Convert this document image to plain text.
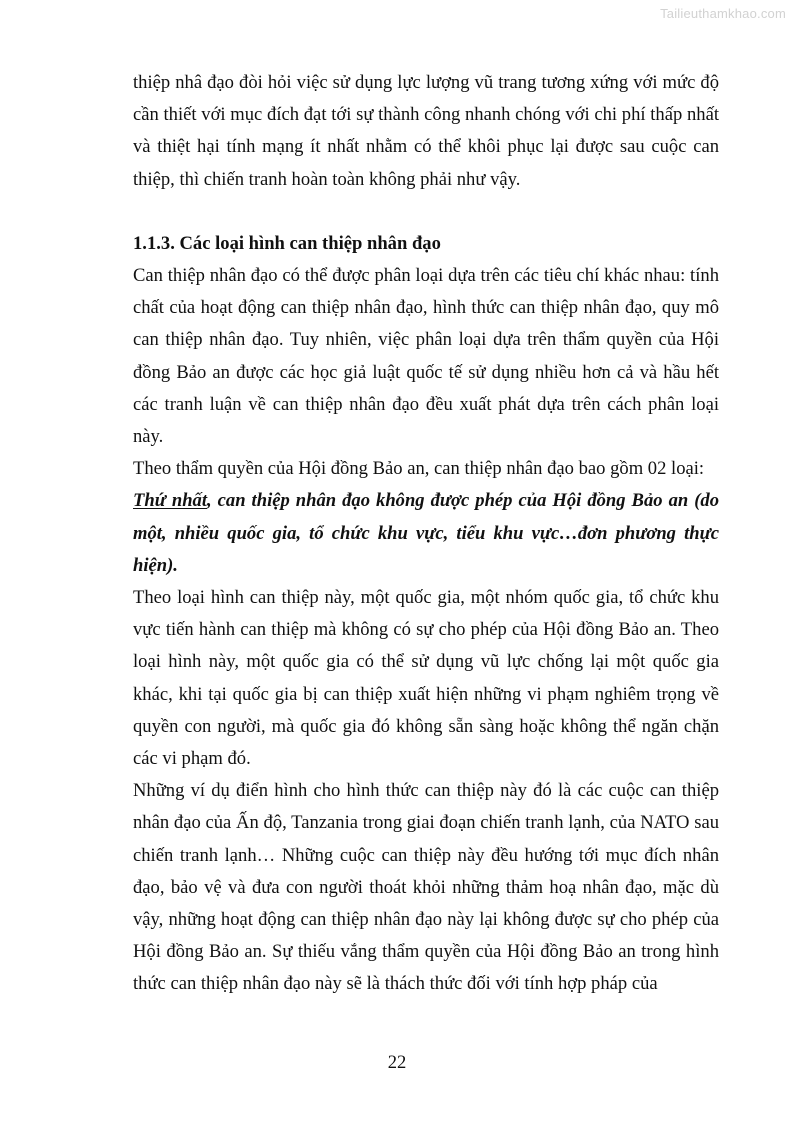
Tailieuthamkhao.com

thiệp nhâ đạo đòi hỏi việc sử dụng lực lượng vũ trang tương xứng với mức độ cần thiết với mục đích đạt tới sự thành công nhanh chóng với chi phí thấp nhất và thiệt hại tính mạng ít nhất nhằm có thể khôi phục lại được sau cuộc can thiệp, thì chiến tranh hoàn toàn không phải như vậy.

1.1.3. Các loại hình can thiệp nhân đạo

Can thiệp nhân đạo có thể được phân loại dựa trên các tiêu chí khác nhau: tính chất của hoạt động can thiệp nhân đạo, hình thức can thiệp nhân đạo, quy mô can thiệp nhân đạo. Tuy nhiên, việc phân loại dựa trên thẩm quyền của Hội đồng Bảo an được các học giả luật quốc tế sử dụng nhiều hơn cả và hầu hết các tranh luận về can thiệp nhân đạo đều xuất phát dựa trên cách phân loại này.

Theo thẩm quyền của Hội đồng Bảo an, can thiệp nhân đạo bao gồm 02 loại:

Thứ nhất, can thiệp nhân đạo không được phép của Hội đồng Bảo an (do một, nhiều quốc gia, tổ chức khu vực, tiểu khu vực…đơn phương thực hiện).

Theo loại hình can thiệp này, một quốc gia, một nhóm quốc gia, tổ chức khu vực tiến hành can thiệp mà không có sự cho phép của Hội đồng Bảo an. Theo loại hình này, một quốc gia có thể sử dụng vũ lực chống lại một quốc gia khác, khi tại quốc gia bị can thiệp xuất hiện những vi phạm nghiêm trọng về quyền con người, mà quốc gia đó không sẵn sàng hoặc không thể ngăn chặn các vi phạm đó.

Những ví dụ điển hình cho hình thức can thiệp này đó là các cuộc can thiệp nhân đạo của Ấn độ, Tanzania trong giai đoạn chiến tranh lạnh, của NATO sau chiến tranh lạnh… Những cuộc can thiệp này đều hướng tới mục đích nhân đạo, bảo vệ và đưa con người thoát khỏi những thảm hoạ nhân đạo, mặc dù vậy, những hoạt động can thiệp nhân đạo này lại không được sự cho phép của Hội đồng Bảo an. Sự thiếu vắng thẩm quyền của Hội đồng Bảo an trong hình thức can thiệp nhân đạo này sẽ là thách thức đối với tính hợp pháp của

22
